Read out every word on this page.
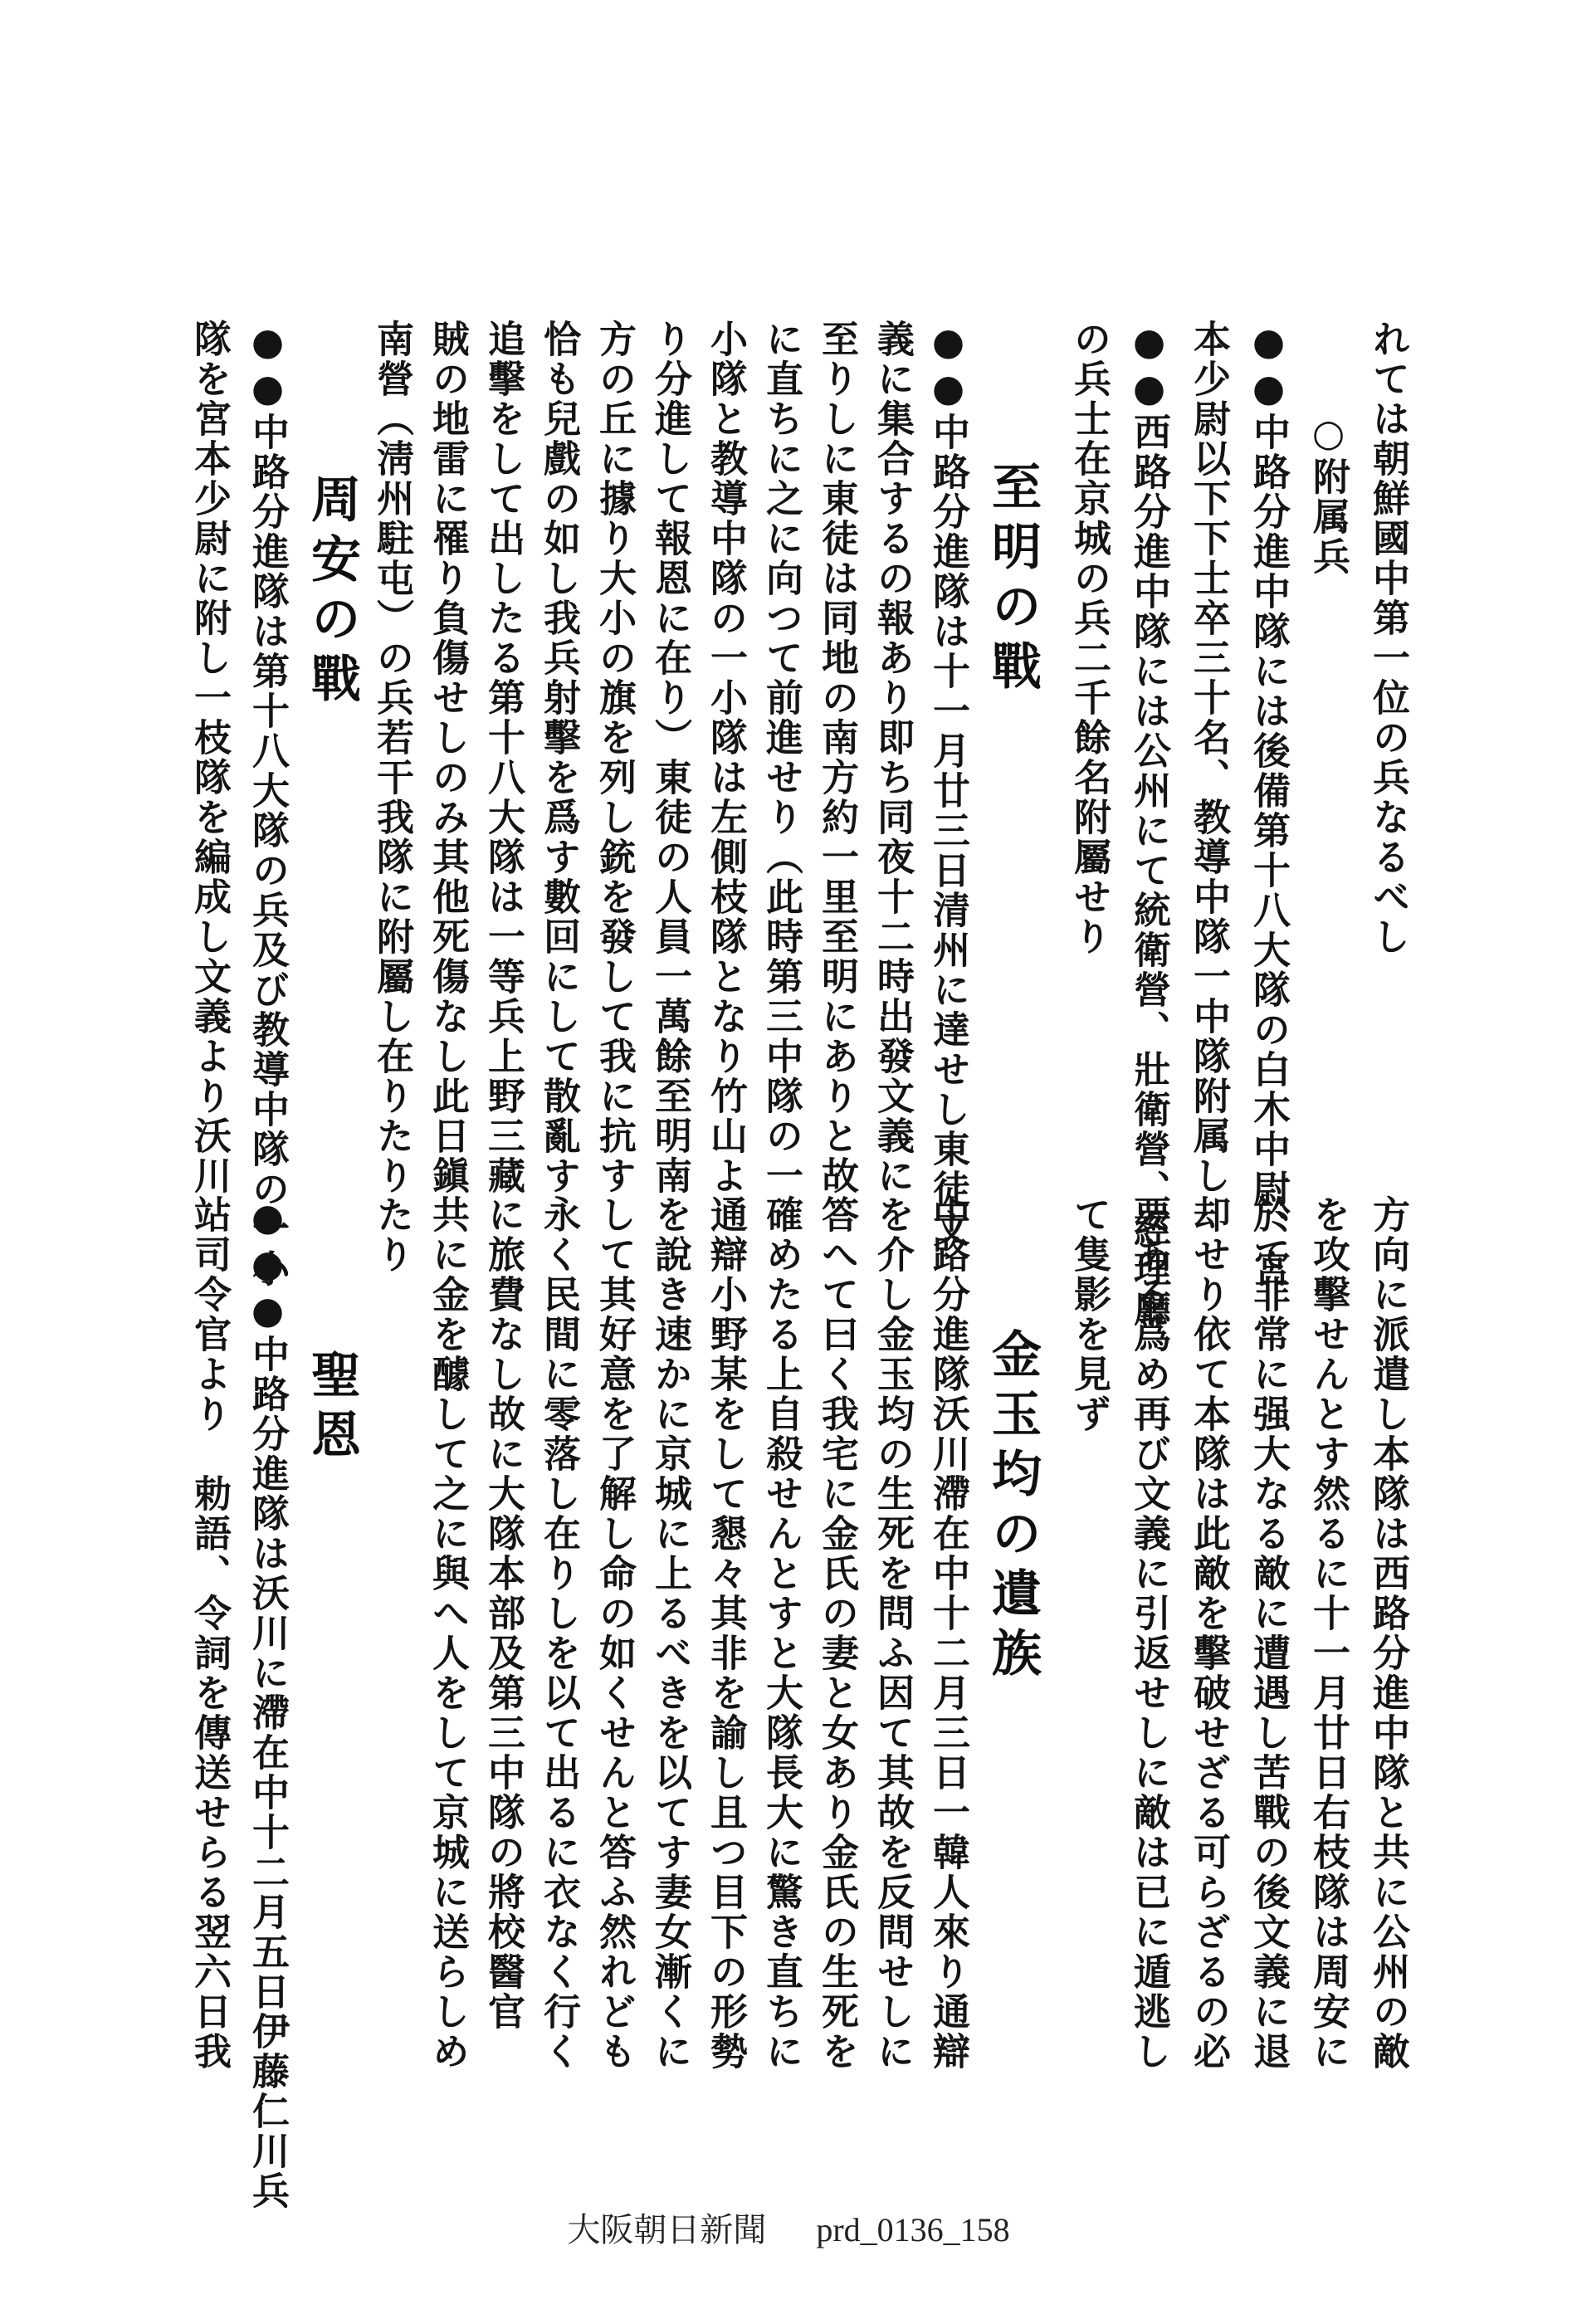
れては朝鮮國中第一位の兵なるべし
○附属兵
●●中路分進中隊には後備第十八大隊の白木中尉、宮
本少尉以下下士卒三十名、教導中隊一中隊附属し
●●西路分進中隊には公州にて統衛營、壯衛營、經理廳
の兵士在京城の兵二千餘名附屬せり
至明の戰
●●中路分進隊は十一月廿三日清州に達せし東徒文
義に集合するの報あり即ち同夜十二時出發文義に
至りしに東徒は同地の南方約一里至明にありと故
に直ちに之に向つて前進せり（此時第三中隊の一
小隊と教導中隊の一小隊は左側枝隊となり竹山よ
り分進して報恩に在り）東徒の人員一萬餘至明南
方の丘に據り大小の旗を列し銃を發して我に抗す
恰も兒戲の如し我兵射擊を爲す數回にして散亂す
追擊をして出したる第十八大隊は一等兵上野三藏
賊の地雷に罹り負傷せしのみ其他死傷なし此日鎭
南營（淸州駐屯）の兵若干我隊に附屬し在りたり
周安の戰
●●中路分進隊は第十八大隊の兵及び教導中隊の一小
隊を宮本少尉に附し一枝隊を編成し文義より沃川
方向に派遣し本隊は西路分進中隊と共に公州の敵
を攻擊せんとす然るに十一月廿日右枝隊は周安に
於て非常に强大なる敵に遭遇し苦戰の後文義に退
却せり依て本隊は此敵を擊破せざる可らざるの必
要ある爲め再び文義に引返せしに敵は已に遁逃し
て隻影を見ず
金玉均の遺族
中路分進隊沃川滯在中十二月三日一韓人來り通辯
を介し金玉均の生死を問ふ因て其故を反問せしに
答へて曰く我宅に金氏の妻と女あり金氏の生死を
確めたる上自殺せんとすと大隊長大に驚き直ちに
通辯小野某をして懇々其非を諭し且つ目下の形勢
を說き速かに京城に上るべきを以てす妻女漸くに
して其好意を了解し命の如くせんと答ふ然れども
永く民間に零落し在りしを以て出るに衣なく行く
に旅費なし故に大隊本部及第三中隊の將校醫官
共に金を醵して之に與へ人をして京城に送らしめ
たり
聖恩
●●●中路分進隊は沃川に滯在中十二月五日伊藤仁川兵
站司令官より　勅語、令詞を傳送せらる翌六日我
大阪朝日新聞 prd_0136_158
